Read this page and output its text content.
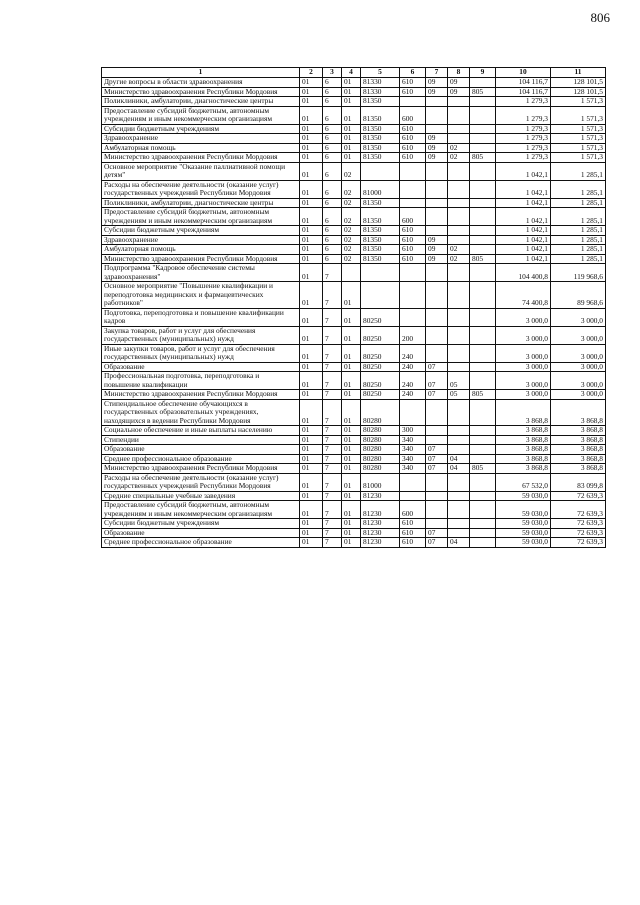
806
1	2	3	4	5	6	7	8	9	10	11
Другие вопросы в области здравоохранения	01	6	01	81330	610	09	09		104 116,7	128 101,5
Министерство здравоохранения Республики Мордовия	01	6	01	81330	610	09	09	805	104 116,7	128 101,5
Поликлиники, амбулатории, диагностические центры	01	6	01	81350					1 279,3	1 571,3
Предоставление субсидий бюджетным, автономным учреждениям и иным некоммерческим организациям	01	6	01	81350	600				1 279,3	1 571,3
Субсидии бюджетным учреждениям	01	6	01	81350	610				1 279,3	1 571,3
Здравоохранение	01	6	01	81350	610	09			1 279,3	1 571,3
Амбулаторная помощь	01	6	01	81350	610	09	02		1 279,3	1 571,3
Министерство здравоохранения Республики Мордовия	01	6	01	81350	610	09	02	805	1 279,3	1 571,3
Основное мероприятие "Оказание паллиативной помощи детям"	01	6	02						1 042,1	1 285,1
Расходы на обеспечение деятельности (оказание услуг) государственных учреждений Республики Мордовия	01	6	02	81000					1 042,1	1 285,1
Поликлиники, амбулатории, диагностические центры	01	6	02	81350					1 042,1	1 285,1
Предоставление субсидий бюджетным, автономным учреждениям и иным некоммерческим организациям	01	6	02	81350	600				1 042,1	1 285,1
Субсидии бюджетным учреждениям	01	6	02	81350	610				1 042,1	1 285,1
Здравоохранение	01	6	02	81350	610	09			1 042,1	1 285,1
Амбулаторная помощь	01	6	02	81350	610	09	02		1 042,1	1 285,1
Министерство здравоохранения Республики Мордовия	01	6	02	81350	610	09	02	805	1 042,1	1 285,1
Подпрограмма "Кадровое обеспечение системы здравоохранения"	01	7							104 400,8	119 968,6
Основное мероприятие "Повышение квалификации и переподготовка медицинских и фармацевтических работников"	01	7	01						74 400,8	89 968,6
Подготовка, переподготовка и повышение квалификации кадров	01	7	01	80250					3 000,0	3 000,0
Закупка товаров, работ и услуг для обеспечения государственных (муниципальных) нужд	01	7	01	80250	200				3 000,0	3 000,0
Иные закупки товаров, работ и услуг для обеспечения государственных (муниципальных) нужд	01	7	01	80250	240				3 000,0	3 000,0
Образование	01	7	01	80250	240	07			3 000,0	3 000,0
Профессиональная подготовка, переподготовка и повышение квалификации	01	7	01	80250	240	07	05		3 000,0	3 000,0
Министерство здравоохранения Республики Мордовия	01	7	01	80250	240	07	05	805	3 000,0	3 000,0
Стипендиальное обеспечение обучающихся в государственных образовательных учреждениях, находящихся в ведении Республики Мордовия	01	7	01	80280					3 868,8	3 868,8
Социальное обеспечение и иные выплаты населению	01	7	01	80280	300				3 868,8	3 868,8
Стипендии	01	7	01	80280	340				3 868,8	3 868,8
Образование	01	7	01	80280	340	07			3 868,8	3 868,8
Среднее профессиональное образование	01	7	01	80280	340	07	04		3 868,8	3 868,8
Министерство здравоохранения Республики Мордовия	01	7	01	80280	340	07	04	805	3 868,8	3 868,8
Расходы на обеспечение деятельности (оказание услуг) государственных учреждений Республики Мордовия	01	7	01	81000					67 532,0	83 099,8
Средние специальные учебные заведения	01	7	01	81230					59 030,0	72 639,3
Предоставление субсидий бюджетным, автономным учреждениям и иным некоммерческим организациям	01	7	01	81230	600				59 030,0	72 639,3
Субсидии бюджетным учреждениям	01	7	01	81230	610				59 030,0	72 639,3
Образование	01	7	01	81230	610	07			59 030,0	72 639,3
Среднее профессиональное образование	01	7	01	81230	610	07	04		59 030,0	72 639,3
